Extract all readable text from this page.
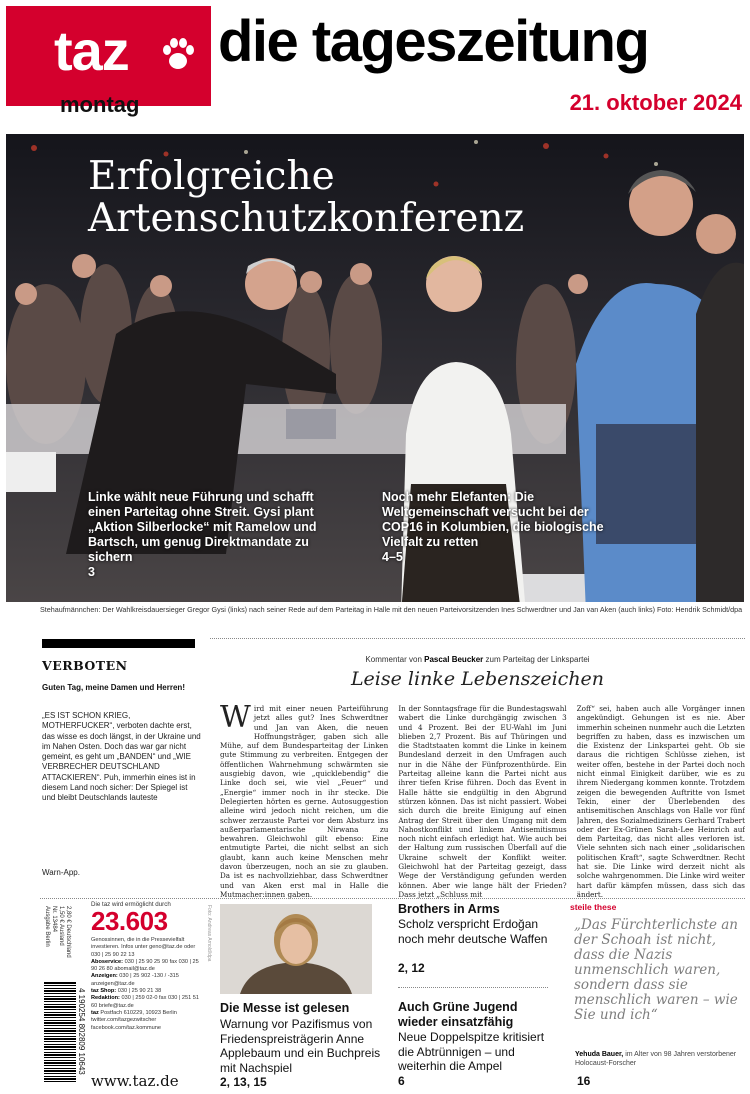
taz die tageszeitung
montag	21. oktober 2024
Erfolgreiche
Artenschutzkonferenz
Linke wählt neue Führung und schafft einen Parteitag ohne Streit. Gysi plant „Aktion Silberlocke“ mit Ramelow und Bartsch, um genug Direktmandate zu sichern
3
Noch mehr Elefanten: Die Weltgemeinschaft versucht bei der COP16 in Kolumbien, die biologische Vielfalt zu retten
4–5
Stehaufmännchen: Der Wahlkreisdauersieger Gregor Gysi (links) nach seiner Rede auf dem Parteitag in Halle mit den neuen Parteivorsitzenden Ines Schwerdtner und Jan van Aken (auch links) Foto: Hendrik Schmidt/dpa
VERBOTEN
Guten Tag, meine Damen und Herren!
„ES IST SCHON KRIEG, MOTHERFUCKER“, verboten dachte erst, das wisse es doch längst, in der Ukraine und im Nahen Osten. Doch das war gar nicht gemeint, es geht um „BANDEN“ und „WIE VERBRECHER DEUTSCHLAND ATTACKIEREN“. Puh, immerhin eines ist in diesem Land noch sicher: Der Spiegel ist und bleibt Deutschlands lauteste
Warn-App.
Kommentar von Pascal Beucker zum Parteitag der Linkspartei
Leise linke Lebenszeichen
W ird mit einer neuen Parteiführung jetzt alles gut? Ines Schwerdtner und Jan van Aken, die neuen Hoffnungsträger, gaben sich alle Mühe, auf dem Bundesparteitag der Linken gute Stimmung zu verbreiten. Entgegen der öffentlichen Wahrnehmung schwärmten sie ausgiebig davon, wie „quicklebendig“ die Linke doch sei, wie viel „Feuer“ und „Energie“ immer noch in ihr stecke. Die Delegierten hörten es gerne. Autosuggestion alleine wird jedoch nicht reichen, um die schwer zerzauste Partei vor dem Absturz ins außerparlamentarische Nirwana zu bewahren. Gleichwohl gilt ebenso: Eine entmutigte Partei, die nicht selbst an sich glaubt, kann auch keine Menschen mehr davon überzeugen, noch an sie zu glauben. Da ist es nachvollziehbar, dass Schwerdtner und van Aken erst mal in Halle die Mutmacher:innen gaben.
In der Sonntagsfrage für die Bundestagswahl wabert die Linke durchgängig zwischen 3 und 4 Prozent. Bei der EU-Wahl im Juni blieben 2,7 Prozent. Bis auf Thüringen und die Stadtstaaten kommt die Linke in keinem Bundesland derzeit in den Umfragen auch nur in die Nähe der Fünfprozenthürde. Ein Parteitag alleine kann die Partei nicht aus ihrer tiefen Krise führen. Doch das Event in Halle hätte sie endgültig in den Abgrund stürzen können. Das ist nicht passiert. Wobei sich durch die breite Einigung auf einen Antrag der Streit über den Umgang mit dem Nahostkonflikt und linkem Antisemitismus noch nicht einfach erledigt hat. Wie auch bei der Haltung zum russischen Überfall auf die Ukraine schwelt der Konflikt weiter. Gleichwohl hat der Parteitag gezeigt, dass Wege der Verständigung gefunden werden können. Aber wie lange hält der Frieden? Dass jetzt „Schluss mit
Zoff“ sei, haben auch alle Vorgänger innen angekündigt. Gehungen ist es nie. Aber immerhin scheinen nunmehr auch die Letzten begriffen zu haben, dass es inzwischen um die Existenz der Linkspartei geht. Ob sie daraus die richtigen Schlüsse ziehen, ist weiter offen, bestehe in der Partei doch noch nicht einmal Einigkeit darüber, wie es zu ihrem Niedergang kommen konnte. Trotzdem zeigen die bewegenden Auftritte von Ismet Tekin, einer der Überlebenden des antisemitischen Anschlags von Halle vor fünf Jahren, des Sozialmediziners Gerhard Trabert oder der Ex-Grünen Sarah-Lee Heinrich auf dem Parteitag, das nicht alles verloren ist. Viele sehnten sich nach einer „solidarischen politischen Kraft“, sagte Schwerdtner. Recht hat sie. Die Linke wird derzeit nicht als solche wahrgenommen. Die Linke wird weiter hart dafür kämpfen müssen, dass sich das ändert.
Ausgabe Berlin Nr. 13484 1,50 € Ausland 2,80 € Deutschland
4 190254 802809 10643
Die taz wird ermöglicht durch
23.603
Genossinnen, die in die Pressevielfalt investieren. Infos unter geno@taz.de oder 030 | 25 90 22 13
Aboservice: 030 | 25 90 25 90 fax 030 | 25 90 26 80 abomail@taz.de
Anzeigen: 030 | 25 902 -130 / -315 anzeigen@taz.de
taz Shop: 030 | 25 90 21 38
Redaktion: 030 | 259 02-0 fax 030 | 251 51 60 briefe@taz.de
taz Postfach 610229, 10923 Berlin twitter.com/tazgezwitscher facebook.com/taz.kommune
www.taz.de
Foto: Andreas Arnold/dpa
Die Messe ist gelesen
Warnung vor Pazifismus von Friedenspreisträgerin Anne Applebaum und ein Buchpreis mit Nachspiel
2, 13, 15
Brothers in Arms
Scholz verspricht Erdoğan noch mehr deutsche Waffen
2, 12
Auch Grüne Jugend wieder einsatzfähig
Neue Doppelspitze kritisiert die Abtrünnigen – und weiterhin die Ampel
6
steile these
„Das Fürchterlichste an der Schoah ist nicht, dass die Nazis unmenschlich waren, sondern dass sie menschlich waren – wie Sie und ich“
Yehuda Bauer, im Alter von 98 Jahren verstorbener Holocaust-Forscher
16
